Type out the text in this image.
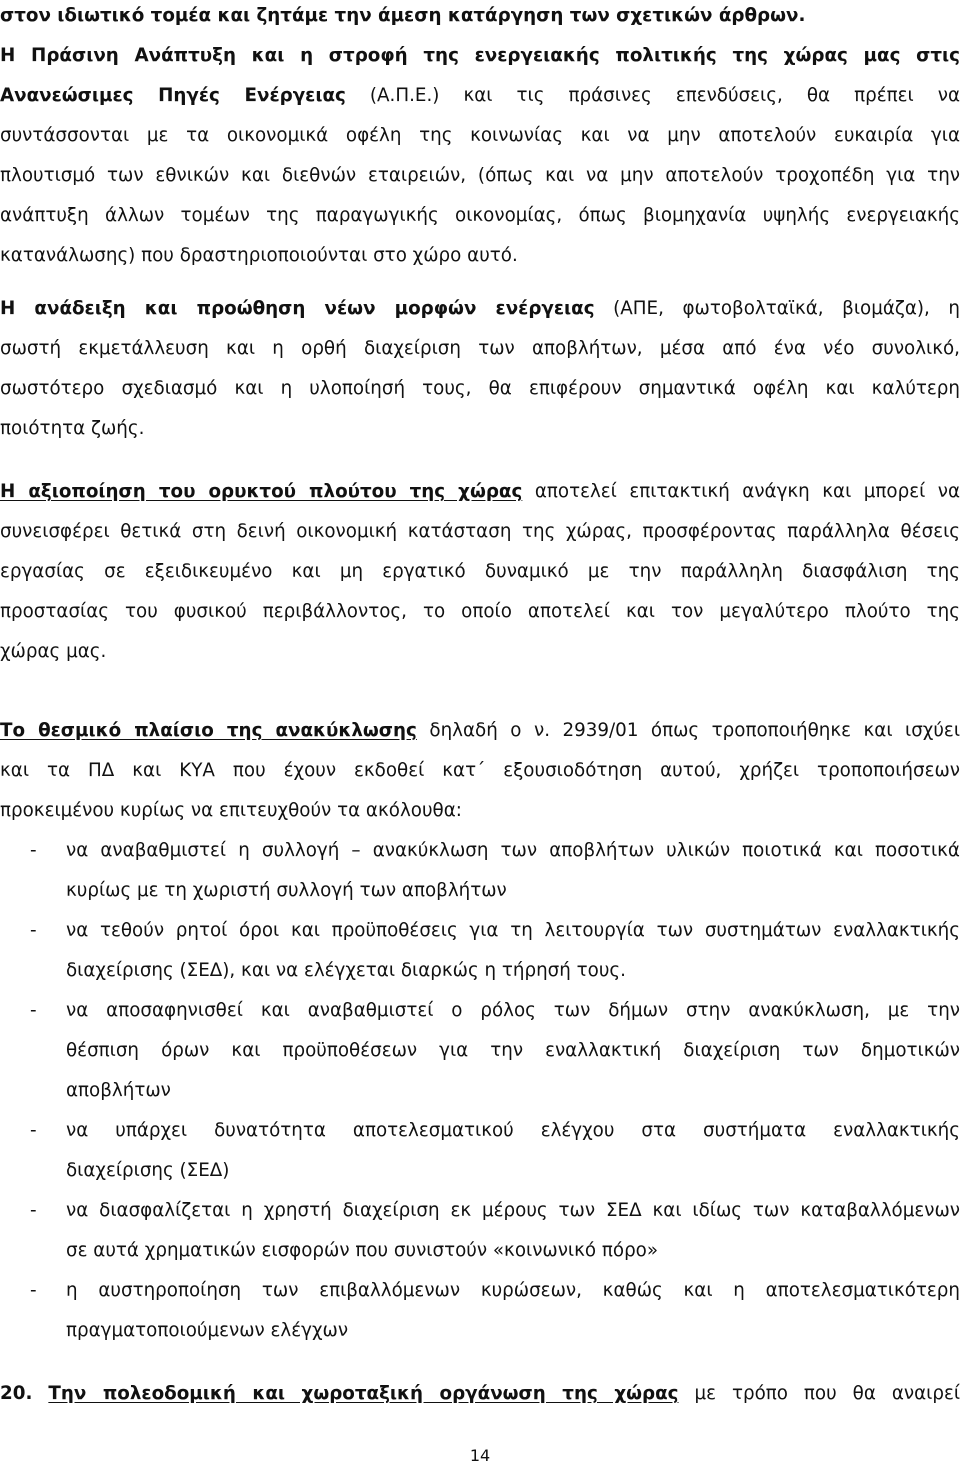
στον ιδιωτικό τομέα και ζητάμε την άμεση κατάργηση των σχετικών άρθρων.
Η Πράσινη Ανάπτυξη και η στροφή της ενεργειακής πολιτικής της χώρας μας στις
Ανανεώσιμες Πηγές Ενέργειας (Α.Π.Ε.) και τις πράσινες επενδύσεις, θα πρέπει να
συντάσσονται με τα οικονομικά οφέλη της κοινωνίας και να μην αποτελούν ευκαιρία για
πλουτισμό των εθνικών και διεθνών εταιρειών, (όπως και να μην αποτελούν τροχοπέδη για την
ανάπτυξη άλλων τομέων της παραγωγικής οικονομίας, όπως βιομηχανία υψηλής ενεργειακής
κατανάλωσης) που δραστηριοποιούνται στο χώρο αυτό.
Η ανάδειξη και προώθηση νέων μορφών ενέργειας (ΑΠΕ, φωτοβολταϊκά, βιομάζα), η
σωστή εκμετάλλευση και η ορθή διαχείριση των αποβλήτων, μέσα από ένα νέο συνολικό,
σωστότερο σχεδιασμό και η υλοποίησή τους, θα επιφέρουν σημαντικά οφέλη και καλύτερη
ποιότητα ζωής.
Η αξιοποίηση του ορυκτού πλούτου της χώρας αποτελεί επιτακτική ανάγκη και μπορεί να
συνεισφέρει θετικά στη δεινή οικονομική κατάσταση της χώρας, προσφέροντας παράλληλα θέσεις
εργασίας σε εξειδικευμένο και μη εργατικό δυναμικό με την παράλληλη διασφάλιση της
προστασίας του φυσικού περιβάλλοντος, το οποίο αποτελεί και τον μεγαλύτερο πλούτο της
χώρας μας.
Το θεσμικό πλαίσιο της ανακύκλωσης δηλαδή ο ν. 2939/01 όπως τροποποιήθηκε και ισχύει
και τα ΠΔ και ΚΥΑ που έχουν εκδοθεί κατ΄ εξουσιοδότηση αυτού, χρήζει τροποποιήσεων
προκειμένου κυρίως να επιτευχθούν τα ακόλουθα:
-	να αναβαθμιστεί η συλλογή – ανακύκλωση των αποβλήτων υλικών ποιοτικά και ποσοτικά
κυρίως με τη χωριστή συλλογή των αποβλήτων
-	να τεθούν ρητοί όροι και προϋποθέσεις για τη λειτουργία των συστημάτων εναλλακτικής
διαχείρισης (ΣΕΔ), και να ελέγχεται διαρκώς η τήρησή τους.
-	να αποσαφηνισθεί και αναβαθμιστεί ο ρόλος των δήμων στην ανακύκλωση, με την
θέσπιση όρων και προϋποθέσεων για την εναλλακτική διαχείριση των δημοτικών
αποβλήτων
-	να υπάρχει δυνατότητα αποτελεσματικού ελέγχου στα συστήματα εναλλακτικής
διαχείρισης (ΣΕΔ)
-	να διασφαλίζεται η χρηστή διαχείριση εκ μέρους των ΣΕΔ και ιδίως των καταβαλλόμενων
σε αυτά χρηματικών εισφορών που συνιστούν «κοινωνικό πόρο»
-	η αυστηροποίηση των επιβαλλόμενων κυρώσεων, καθώς και η αποτελεσματικότερη
πραγματοποιούμενων ελέγχων
20. Την πολεοδομική και χωροταξική οργάνωση της χώρας με τρόπο που θα αναιρεί
14
